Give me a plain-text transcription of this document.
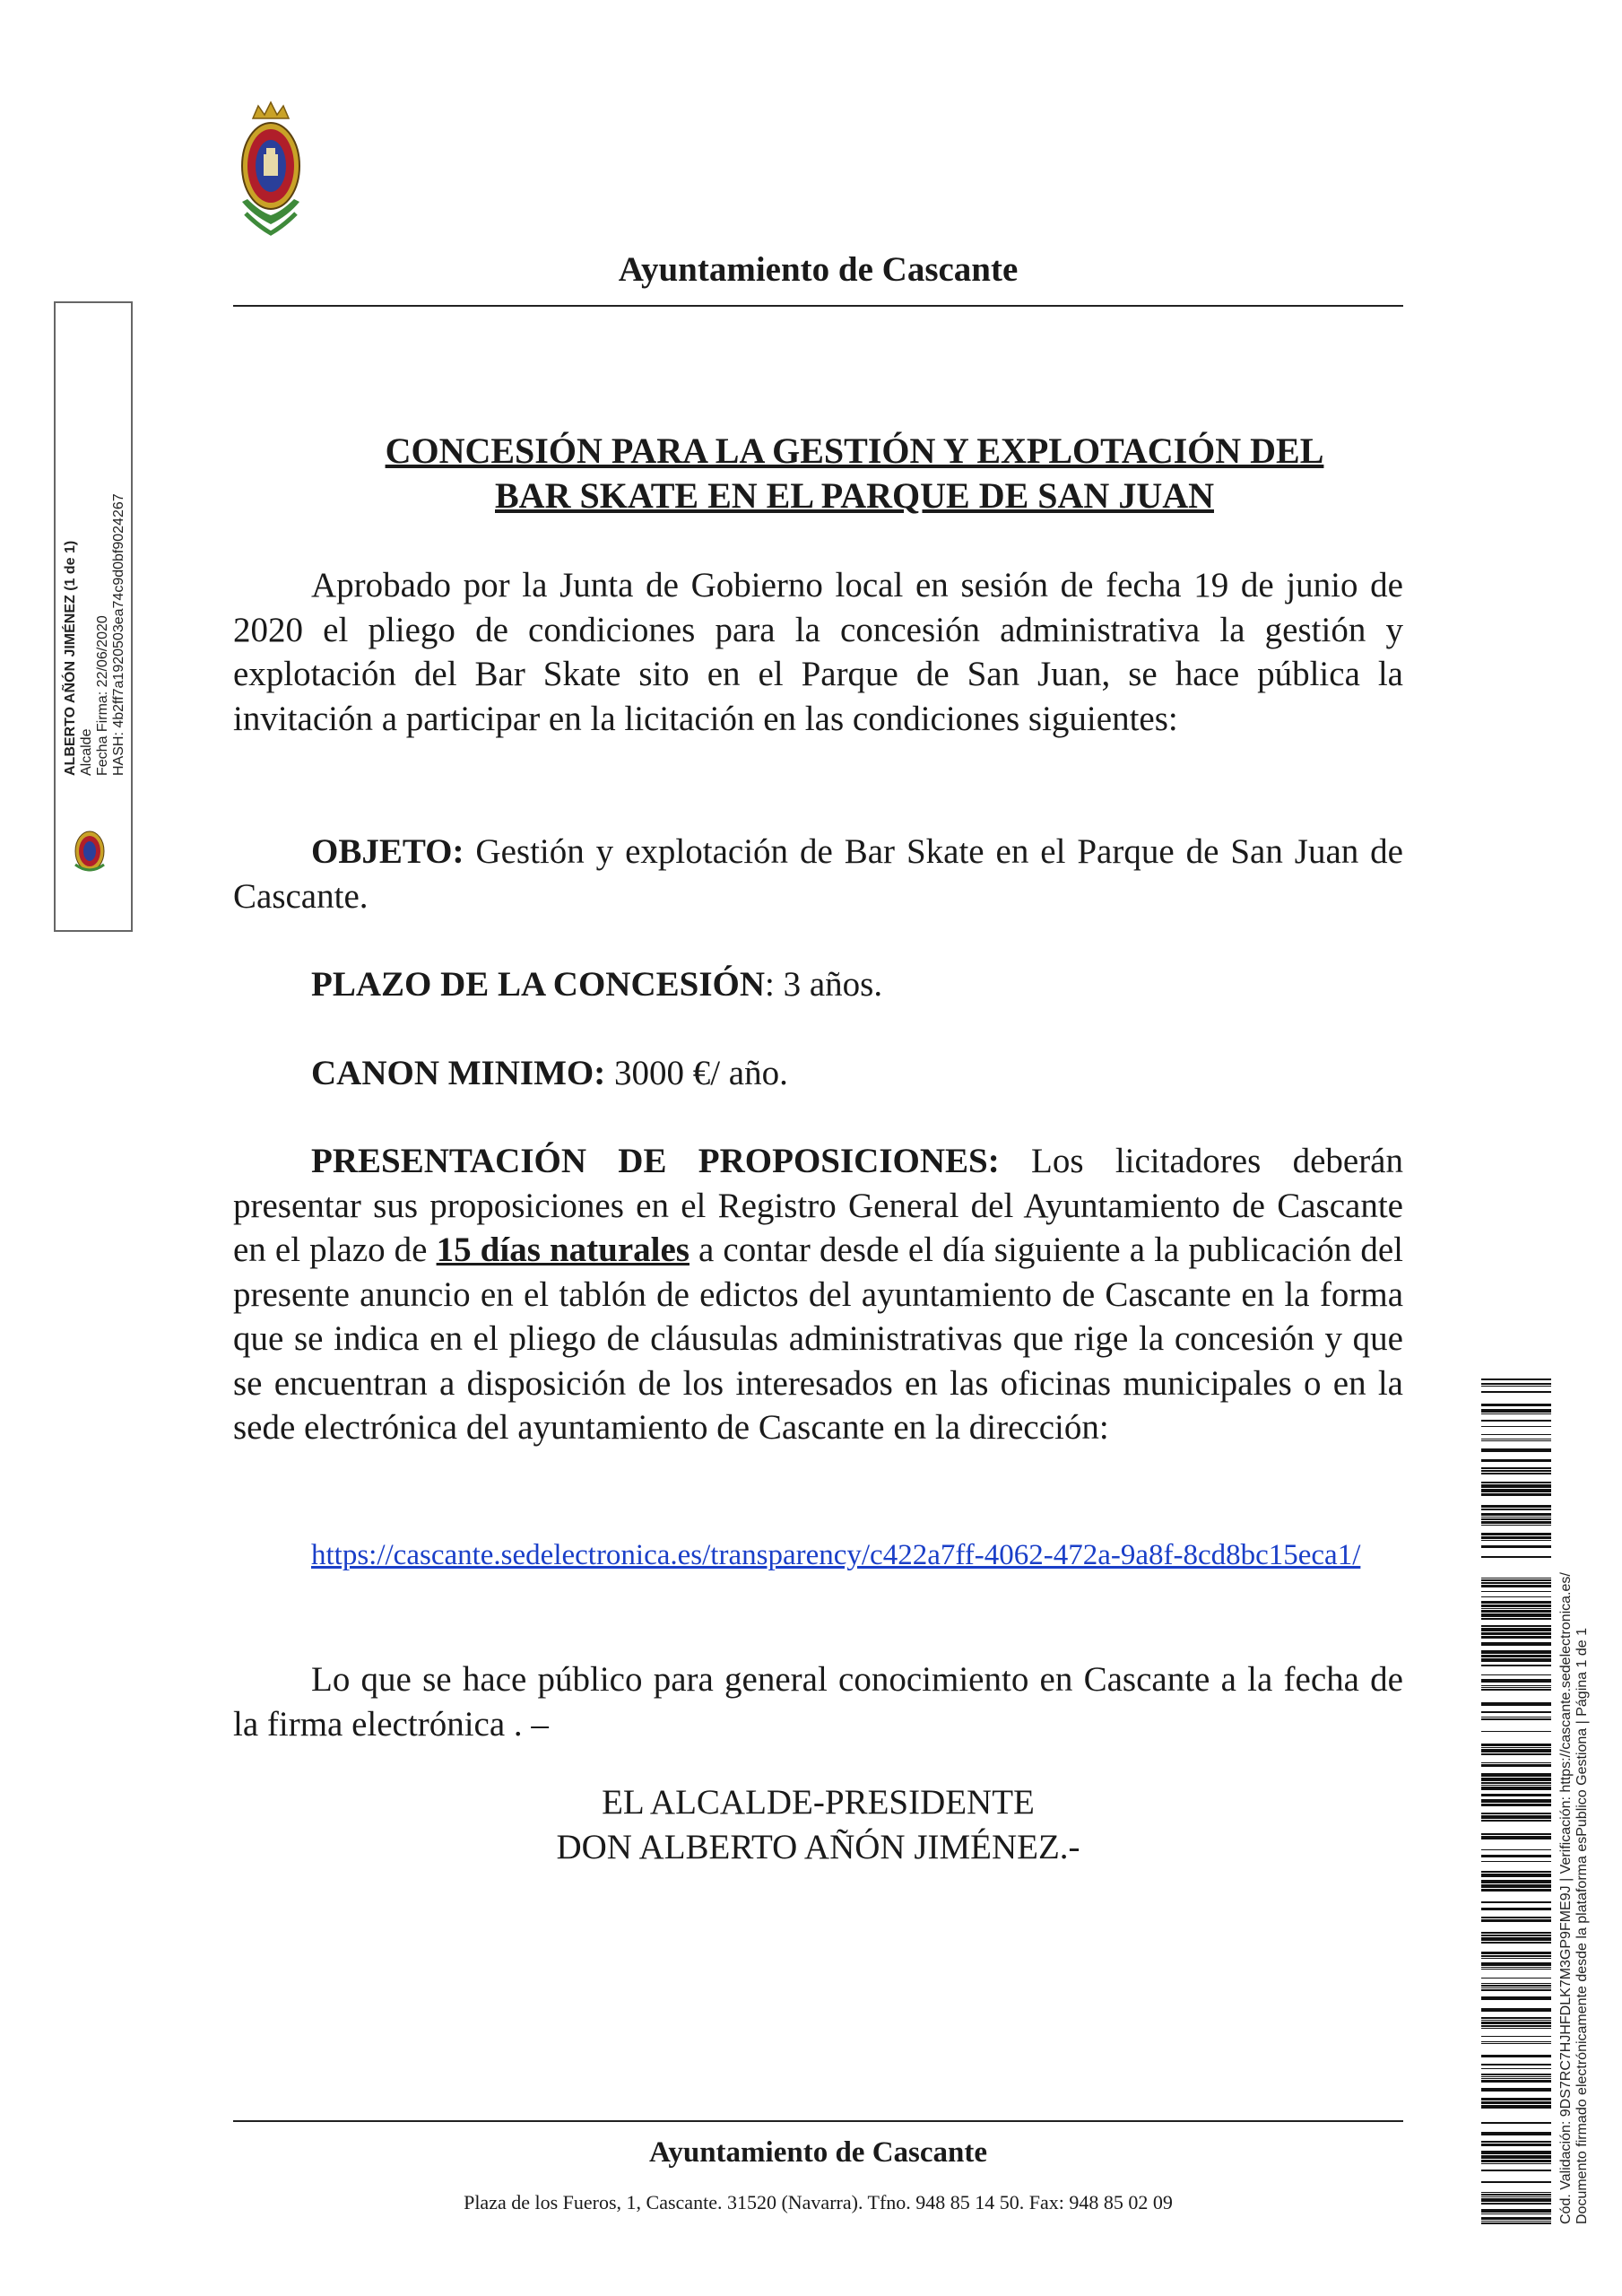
Ayuntamiento de Cascante
ALBERTO AÑÓN JIMÉNEZ (1 de 1) Alcalde Fecha Firma: 22/06/2020 HASH: 4b2ff7a1920503ea74c9d0bf9024267
CONCESIÓN PARA LA GESTIÓN Y EXPLOTACIÓN DEL
BAR SKATE EN EL PARQUE DE SAN JUAN
Aprobado por la Junta de Gobierno local en sesión de fecha 19 de junio de 2020 el pliego de condiciones para la concesión administrativa la gestión y explotación del Bar Skate sito en el Parque de San Juan, se hace pública la invitación a participar en la licitación en las condiciones siguientes:
OBJETO: Gestión y explotación de Bar Skate en el Parque de San Juan de Cascante.
PLAZO DE LA CONCESIÓN: 3 años.
CANON MINIMO: 3000 €/ año.
PRESENTACIÓN DE PROPOSICIONES: Los licitadores deberán presentar sus proposiciones en el Registro General del Ayuntamiento de Cascante en el plazo de 15 días naturales a contar desde el día siguiente a la publicación del presente anuncio en el tablón de edictos del ayuntamiento de Cascante en la forma que se indica en el pliego de cláusulas administrativas que rige la concesión y que se encuentran a disposición de los interesados en las oficinas municipales o en la sede electrónica del ayuntamiento de Cascante en la dirección:
https://cascante.sedelectronica.es/transparency/c422a7ff-4062-472a-9a8f-8cd8bc15eca1/
Lo que se hace público para general conocimiento en Cascante a la fecha de la firma electrónica . –
EL ALCALDE-PRESIDENTE
DON ALBERTO AÑÓN JIMÉNEZ.-
Ayuntamiento de Cascante
Plaza de los Fueros, 1, Cascante. 31520 (Navarra). Tfno. 948 85 14 50. Fax: 948 85 02 09	Cód. Validación: 9DS7RC7HJHFDLK7M3GP9FME9J | Verificación: https://cascante.sedelectronica.es/ Documento firmado electrónicamente desde la plataforma esPublico Gestiona | Página 1 de 1
